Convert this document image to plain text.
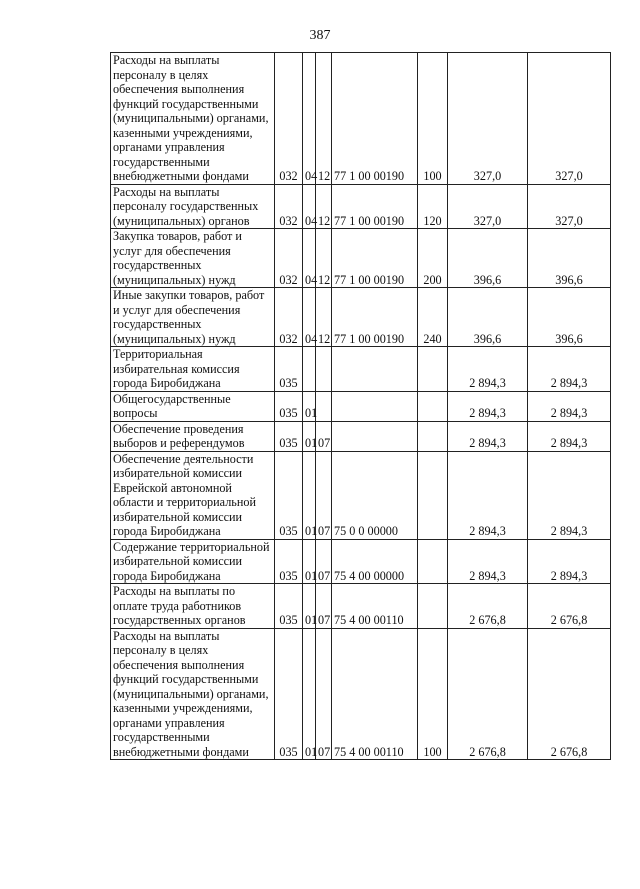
387
Расходы на выплаты персоналу в целях обеспечения выполнения функций государственными (муниципальными) органами, казенными учреждениями, органами управления государственными внебюджетными фондами	032	04	12	77 1 00 00190	100	327,0	327,0
Расходы на выплаты персоналу государственных (муниципальных) органов	032	04	12	77 1 00 00190	120	327,0	327,0
Закупка товаров, работ и услуг для обеспечения государственных (муниципальных) нужд	032	04	12	77 1 00 00190	200	396,6	396,6
Иные закупки товаров, работ и услуг для обеспечения государственных (муниципальных) нужд	032	04	12	77 1 00 00190	240	396,6	396,6
Территориальная избирательная комиссия города Биробиджана	035					2 894,3	2 894,3
Общегосударственные вопросы	035	01				2 894,3	2 894,3
Обеспечение проведения выборов и референдумов	035	01	07			2 894,3	2 894,3
Обеспечение деятельности избирательной комиссии Еврейской автономной области и территориальной избирательной комиссии города Биробиджана	035	01	07	75 0 0 00000		2 894,3	2 894,3
Содержание территориальной избирательной комиссии города Биробиджана	035	01	07	75 4 00 00000		2 894,3	2 894,3
Расходы на выплаты по оплате труда работников государственных органов	035	01	07	75 4 00 00110		2 676,8	2 676,8
Расходы на выплаты персоналу в целях обеспечения выполнения функций государственными (муниципальными) органами, казенными учреждениями, органами управления государственными внебюджетными фондами	035	01	07	75 4 00 00110	100	2 676,8	2 676,8
